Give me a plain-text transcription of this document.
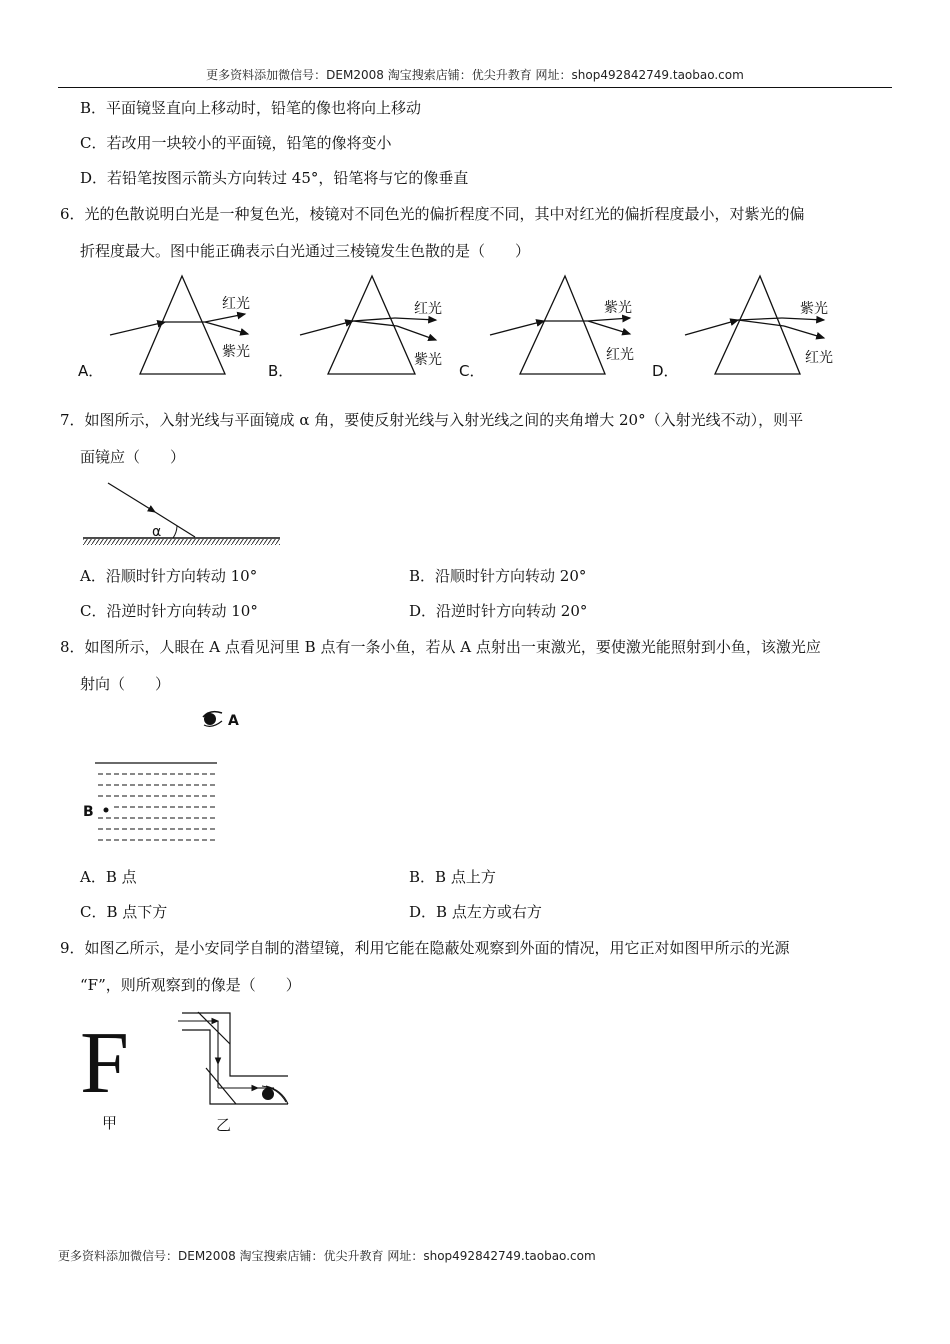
更多资料添加微信号：DEM2008 淘宝搜索店铺：优尖升教育 网址：shop492842749.taobao.com
B．平面镜竖直向上移动时，铅笔的像也将向上移动
C．若改用一块较小的平面镜，铅笔的像将变小
D．若铅笔按图示箭头方向转过 45°，铅笔将与它的像垂直
6．光的色散说明白光是一种复色光，棱镜对不同色光的偏折程度不同，其中对红光的偏折程度最小，对紫光的偏
折程度最大。图中能正确表示白光通过三棱镜发生色散的是（　　）
红光
紫光
A．
红光
紫光
B．
紫光
红光
C．
紫光
红光
D．
7．如图所示，入射光线与平面镜成 α 角，要使反射光线与入射光线之间的夹角增大 20°（入射光线不动），则平
面镜应（　　）
α
A．沿顺时针方向转动 10°	B．沿顺时针方向转动 20°
C．沿逆时针方向转动 10°	D．沿逆时针方向转动 20°
8．如图所示，人眼在 A 点看见河里 B 点有一条小鱼，若从 A 点射出一束激光，要使激光能照射到小鱼，该激光应
射向（　　）
A
B
A．B 点	B．B 点上方
C．B 点下方	D．B 点左方或右方
9．如图乙所示，是小安同学自制的潜望镜，利用它能在隐蔽处观察到外面的情况，用它正对如图甲所示的光源
“F”，则所观察到的像是（　　）
F
甲	乙
更多资料添加微信号：DEM2008 淘宝搜索店铺：优尖升教育 网址：shop492842749.taobao.com
